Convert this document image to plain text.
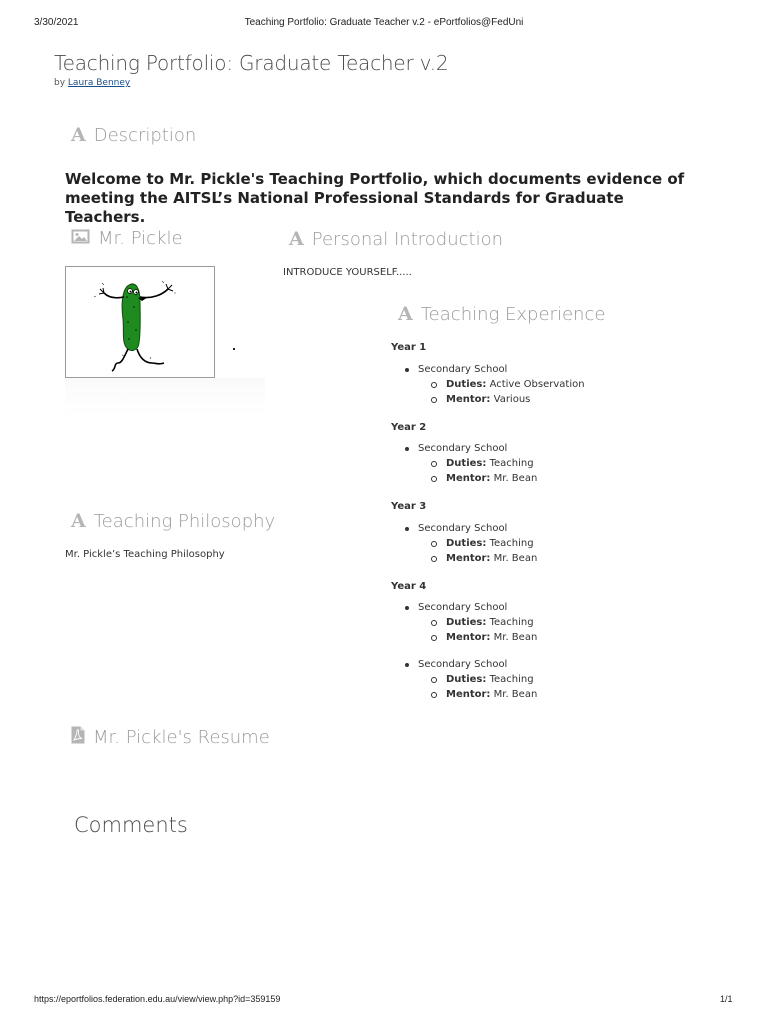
3/30/2021	Teaching Portfolio: Graduate Teacher v.2 - ePortfolios@FedUni
Teaching Portfolio: Graduate Teacher v.2
by Laura Benney
A Description
Welcome to Mr. Pickle's Teaching Portfolio, which documents evidence of meeting the AITSL’s National Professional Standards for Graduate Teachers.
Mr. Pickle	A Personal Introduction
INTRODUCE YOURSELF.....
A Teaching Experience
Year 1
Secondary School
Duties:
Active Observation
Mentor:
Various
Year 2
Secondary School
Duties:
Teaching
Mentor:
Mr. Bean
Year 3
Secondary School
Duties:
Teaching
Mentor:
Mr. Bean
Year 4
Secondary School
Duties:
Teaching
Mentor:
Mr. Bean
Secondary School
Duties:
Teaching
Mentor:
Mr. Bean
A Teaching Philosophy
Mr. Pickle’s Teaching Philosophy
Mr. Pickle's Resume
Comments
https://eportfolios.federation.edu.au/view/view.php?id=359159	1/1
